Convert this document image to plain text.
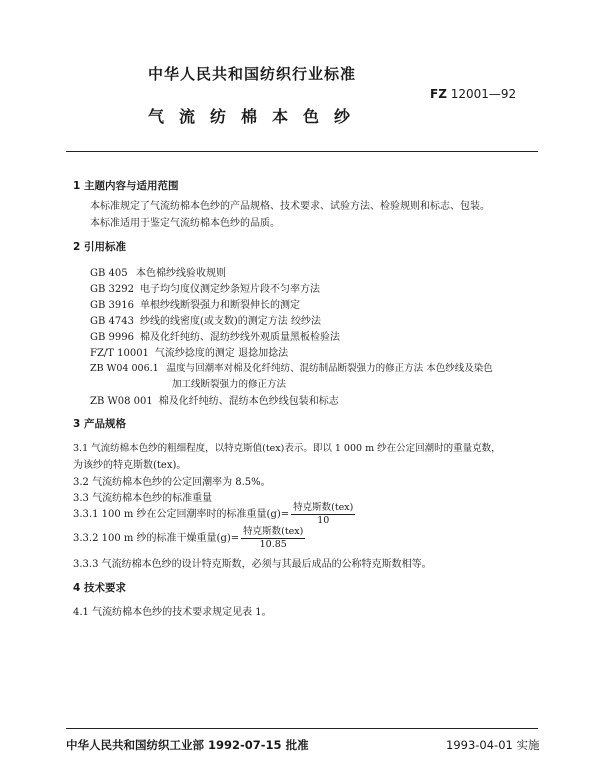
中华人民共和国纺织行业标准
FZ 12001—92
气流纺棉本色纱
1 主题内容与适用范围
本标准规定了气流纺棉本色纱的产品规格、技术要求、试验方法、检验规则和标志、包装。
本标准适用于鉴定气流纺棉本色纱的品质。
2 引用标准
GB 405 本色棉纱线验收规则
GB 3292 电子均匀度仪测定纱条短片段不匀率方法
GB 3916 单根纱线断裂强力和断裂伸长的测定
GB 4743 纱线的线密度(或支数)的测定方法 绞纱法
GB 9996 棉及化纤纯纺、混纺纱线外观质量黑板检验法
FZ/T 10001 气流纱捻度的测定 退捻加捻法
ZB W04 006.1 温度与回潮率对棉及化纤纯纺、混纺制品断裂强力的修正方法 本色纱线及染色
加工线断裂强力的修正方法
ZB W08 001 棉及化纤纯纺、混纺本色纱线包装和标志
3 产品规格
3.1 气流纺棉本色纱的粗细程度，以特克斯值(tex)表示。即以 1 000 m 纱在公定回潮时的重量克数，
为该纱的特克斯数(tex)。
3.2 气流纺棉本色纱的公定回潮率为 8.5%。
3.3 气流纺棉本色纱的标准重量
3.3.1 100 m 纱在公定回潮率时的标准重量$(g)= \frac{\text{特克斯数(tex)}}{10}$
3.3.2 100 m 纱的标准干燥重量$(g)= \frac{\text{特克斯数(tex)}}{10.85}$
3.3.3 气流纺棉本色纱的设计特克斯数，必须与其最后成品的公称特克斯数相等。
4 技术要求
4.1 气流纺棉本色纱的技术要求规定见表 1。
中华人民共和国纺织工业部 1992-07-15 批准	1993-04-01 实施
